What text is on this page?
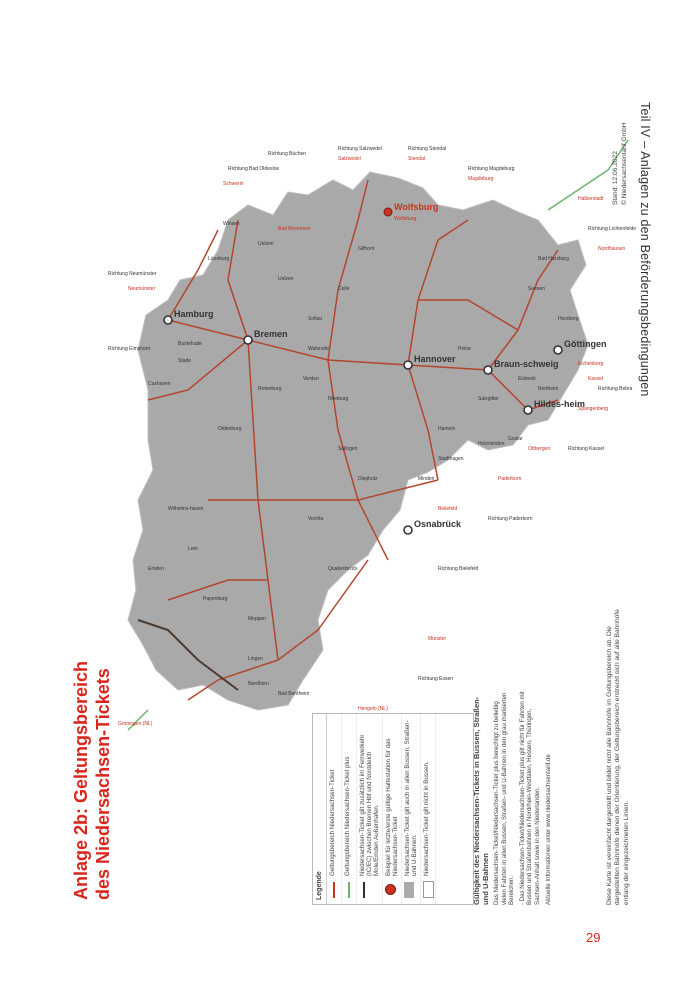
Teil IV – Anlagen zu den Beförderungsbedingungen
Anlage 2b: Geltungsbereich des Niedersachsen-Tickets
Hamburg
Bremen
Hannover	Braun-schweig
Hildes-heim
Göttingen
Osnabrück
Wolfsburg
Cuxhaven
Stade
Buxtehude
Lüneburg
Uelzen
Celle
Gifhorn
Nienburg
Verden
Rotenburg
Oldenburg
Emden
Leer
Wilhelms-haven
Lingen
Meppen
Papenburg
Vechta
Soltau
Walsrode	Peine
Salzgitter
Goslar
Northeim
Einbeck
Hameln
Holzminden
Uelzen
Winsen
Bad Bentheim
Nordhorn
Quakenbrück
Diepholz
Sulingen
Stadthagen
Minden
Herzberg
Seesen
Bad Harzburg
Neumünster
Schwerin
Salzwedel	Stendal
Magdeburg
Wolfsburg
Halberstadt
Nordhausen
Kassel
Paderborn
Bielefeld
Münster
Hengelo (NL)
Groningen (NL)
Ottbergen
Spangenberg
Eichenberg
Bad Bevensen
Richtung Neumünster
Richtung Bad Oldesloe
Richtung Büchen
Richtung Elmshorn
Richtung Salzwedel	Richtung Stendal
Richtung Magdeburg
Richtung Lichtenfelde
Richtung Bebra
Richtung Kassel
Richtung Paderborn
Richtung Bielefeld
Richtung Essen
Legende
Geltungsbereich Niedersachsen-Ticket Geltungsbereich Niedersachsen-Ticket plus Niedersachsen-Ticket gilt zusätzlich im Fernverkehr (IC/EC) zwischen Bremen Hbf und Norddeich Mole/Emden Außenhafen. Beispiel für letzte/erste gültige Haltestation für das Niedersachsen-Ticket Niedersachsen-Ticket gilt auch in allen Bussen, Straßen- und U-Bahnen. Niedersachsen-Ticket gilt nicht in Bussen.	Gültigkeit des Niedersachsen-Tickets in Bussen, Straßen- und U-Bahnen Das Niedersachsen-Ticket/Niedersachsen-Ticket plus berechtigt zu beliebig vielen Fahrten in allen Bussen, Straßen- und U-Bahnen in den grau markierten Bereichen. - Das Niedersachsen-Ticket/Niedersachsen-Ticket plus gilt nicht für Fahrten mit Bussen und Straßenbahnen in Nordrhein-Westfalen, Hessen, Thüringen, Sachsen-Anhalt sowie in den Niederlanden. Aktuelle Informationen unter www.niedersachsentarif.de	Diese Karte ist vereinfacht dargestellt und bildet nicht alle Bahnhöfe im Geltungsbereich ab. Die dargestellten Bahnhöfe dienen der Orientierung, der Geltungsbereich erstreckt sich auf alle Bahnhöfe entlang der eingezeichneten Linien.
Stand: 12.06.2022 © Niedersachsentarif GmbH
29
